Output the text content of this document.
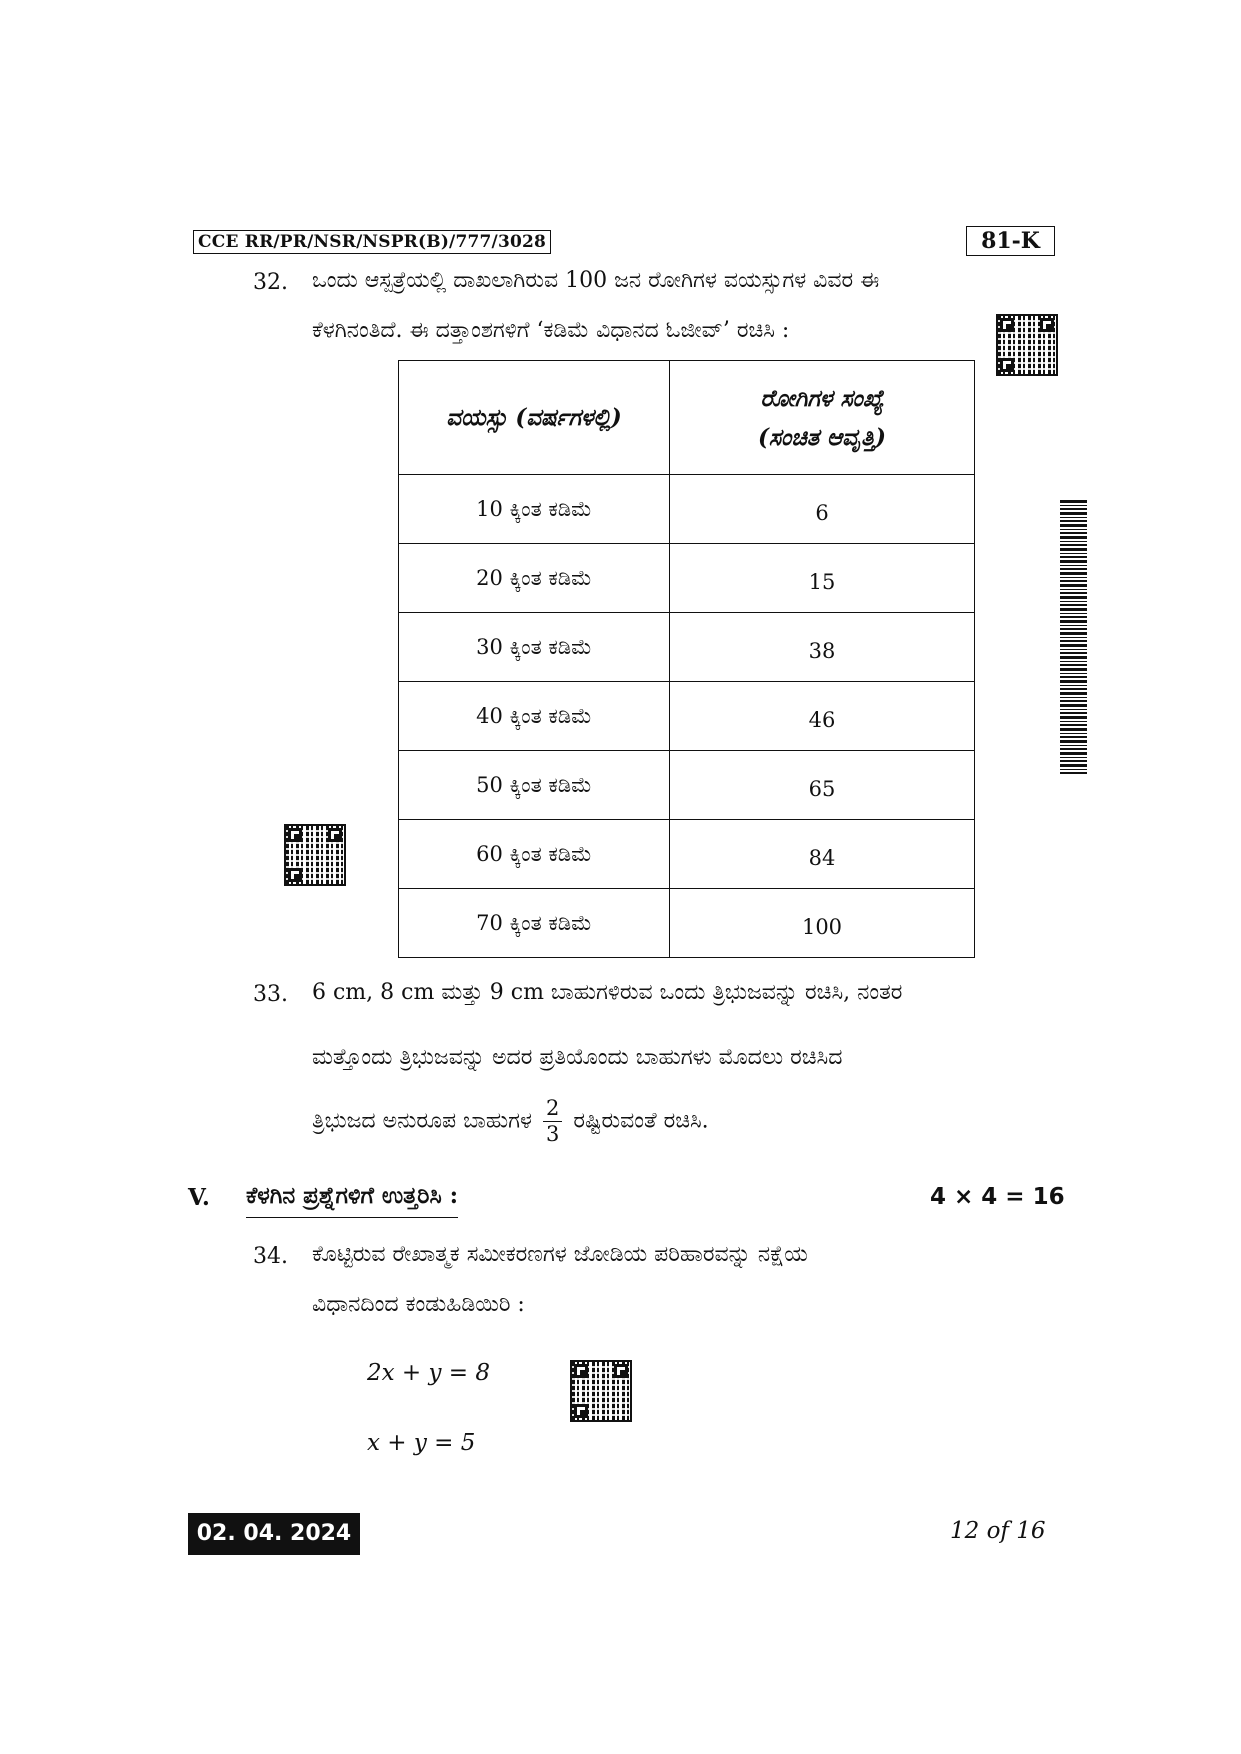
CCE RR/PR/NSR/NSPR(B)/777/3028	81-K
32. ಒಂದು ಆಸ್ಪತ್ರೆಯಲ್ಲಿ ದಾಖಲಾಗಿರುವ 100 ಜನ ರೋಗಿಗಳ ವಯಸ್ಸುಗಳ ವಿವರ ಈ
ಕೆಳಗಿನಂತಿದೆ. ಈ ದತ್ತಾಂಶಗಳಿಗೆ ‘ಕಡಿಮೆ ವಿಧಾನದ ಓಜೀವ್’ ರಚಿಸಿ :
ವಯಸ್ಸು (ವರ್ಷಗಳಲ್ಲಿ)	ರೋಗಿಗಳ ಸಂಖ್ಯೆ
(ಸಂಚಿತ ಆವೃತ್ತಿ)

10 ಕ್ಕಿಂತ ಕಡಿಮೆ	6
20 ಕ್ಕಿಂತ ಕಡಿಮೆ	15
30 ಕ್ಕಿಂತ ಕಡಿಮೆ	38
40 ಕ್ಕಿಂತ ಕಡಿಮೆ	46
50 ಕ್ಕಿಂತ ಕಡಿಮೆ	65
60 ಕ್ಕಿಂತ ಕಡಿಮೆ	84
70 ಕ್ಕಿಂತ ಕಡಿಮೆ	100
33. 6 cm, 8 cm ಮತ್ತು 9 cm ಬಾಹುಗಳಿರುವ ಒಂದು ತ್ರಿಭುಜವನ್ನು ರಚಿಸಿ, ನಂತರ
ಮತ್ತೊಂದು ತ್ರಿಭುಜವನ್ನು ಅದರ ಪ್ರತಿಯೊಂದು ಬಾಹುಗಳು ಮೊದಲು ರಚಿಸಿದ
ತ್ರಿಭುಜದ ಅನುರೂಪ ಬಾಹುಗಳ $\frac{2}{3}$ ರಷ್ಟಿರುವಂತೆ ರಚಿಸಿ.
V. ಕೆಳಗಿನ ಪ್ರಶ್ನೆಗಳಿಗೆ ಉತ್ತರಿಸಿ :	4 × 4 = 16
34. ಕೊಟ್ಟಿರುವ ರೇಖಾತ್ಮಕ ಸಮೀಕರಣಗಳ ಜೋಡಿಯ ಪರಿಹಾರವನ್ನು ನಕ್ಷೆಯ
ವಿಧಾನದಿಂದ ಕಂಡುಹಿಡಿಯಿರಿ :
2x + y = 8
x + y = 5
02. 04. 2024	12 of 16
